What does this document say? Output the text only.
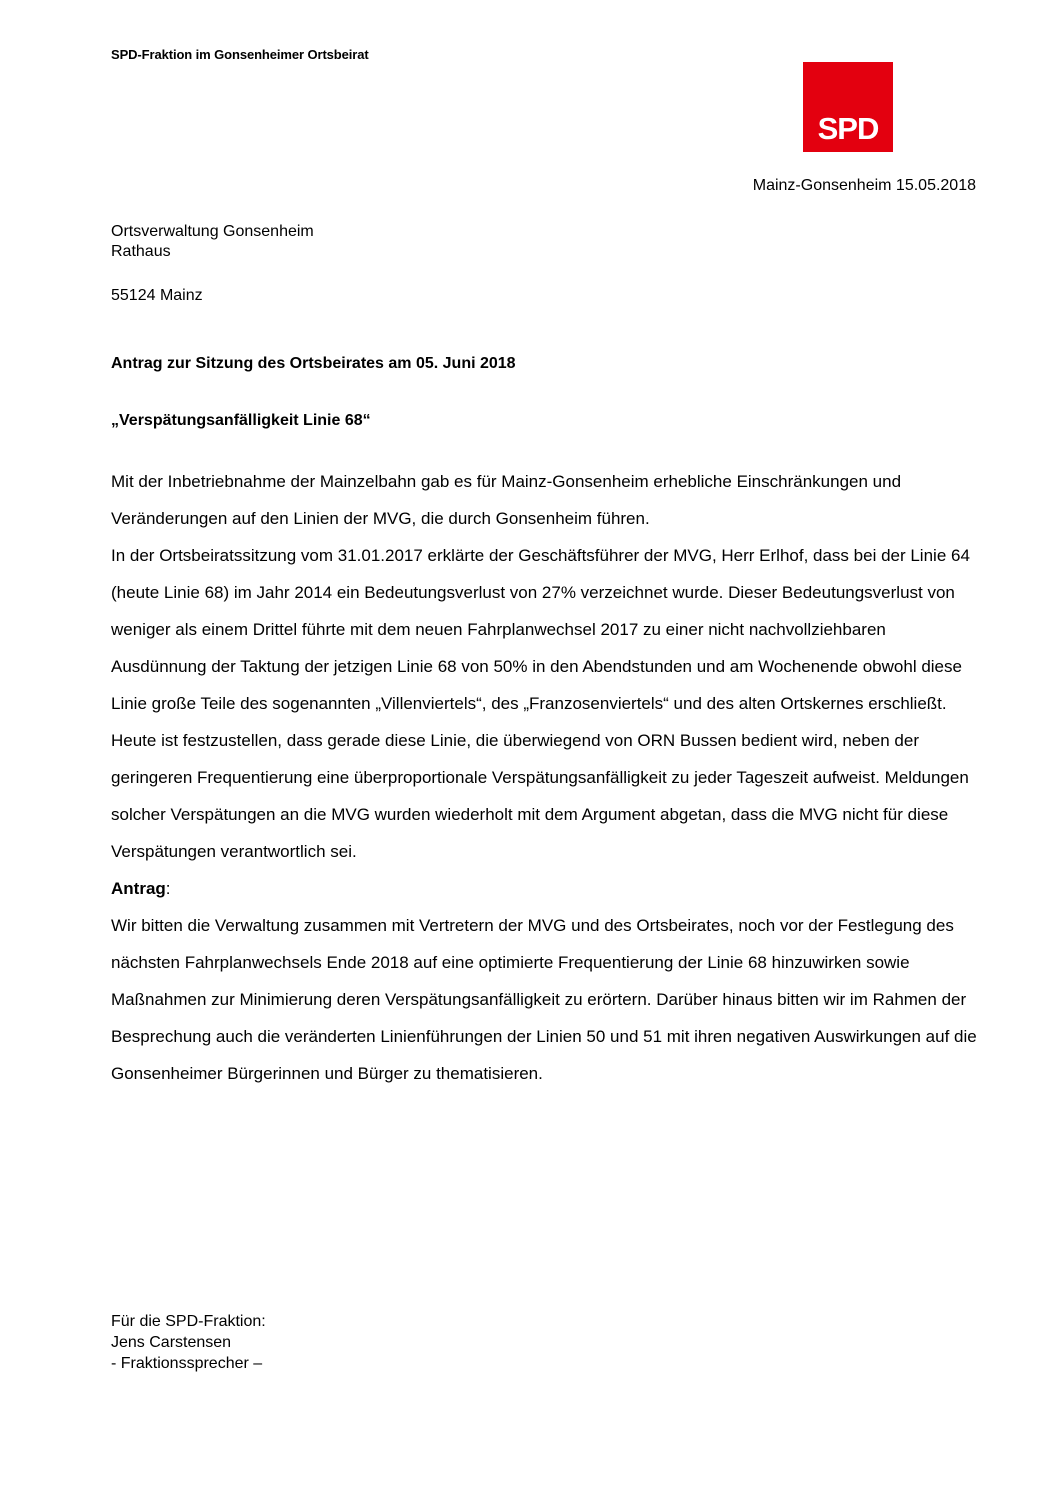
SPD-Fraktion im Gonsenheimer Ortsbeirat
SPD
Mainz-Gonsenheim 15.05.2018
Ortsverwaltung Gonsenheim
Rathaus
55124 Mainz
Antrag zur Sitzung des Ortsbeirates am 05. Juni 2018
„Verspätungsanfälligkeit Linie 68“

Mit der Inbetriebnahme der Mainzelbahn gab es für Mainz-Gonsenheim erhebliche Einschränkungen und Veränderungen auf den Linien der MVG, die durch Gonsenheim führen.

In der Ortsbeiratssitzung vom 31.01.2017 erklärte der Geschäftsführer der MVG, Herr Erlhof, dass bei der Linie 64 (heute Linie 68) im Jahr 2014 ein Bedeutungsverlust von 27% verzeichnet wurde. Dieser Bedeutungsverlust von weniger als einem Drittel führte mit dem neuen Fahrplanwechsel 2017 zu einer nicht nachvollziehbaren Ausdünnung der Taktung der jetzigen Linie 68 von 50% in den Abendstunden und am Wochenende obwohl diese Linie große Teile des sogenannten „Villenviertels“, des „Franzosenviertels“ und des alten Ortskernes erschließt.

Heute ist festzustellen, dass gerade diese Linie, die überwiegend von ORN Bussen bedient wird, neben der geringeren Frequentierung eine überproportionale Verspätungsanfälligkeit zu jeder Tageszeit aufweist. Meldungen solcher Verspätungen an die MVG wurden wiederholt mit dem Argument abgetan, dass die MVG nicht für diese Verspätungen verantwortlich sei.

Antrag:

Wir bitten die Verwaltung zusammen mit Vertretern der MVG und des Ortsbeirates, noch vor der Festlegung des nächsten Fahrplanwechsels Ende 2018 auf eine optimierte Frequentierung der Linie 68 hinzuwirken sowie Maßnahmen zur Minimierung deren Verspätungsanfälligkeit zu erörtern. Darüber hinaus bitten wir im Rahmen der Besprechung auch die veränderten Linienführungen der Linien 50 und 51 mit ihren negativen Auswirkungen auf die Gonsenheimer Bürgerinnen und Bürger zu thematisieren.

Für die SPD-Fraktion:
Jens Carstensen
- Fraktionssprecher –
